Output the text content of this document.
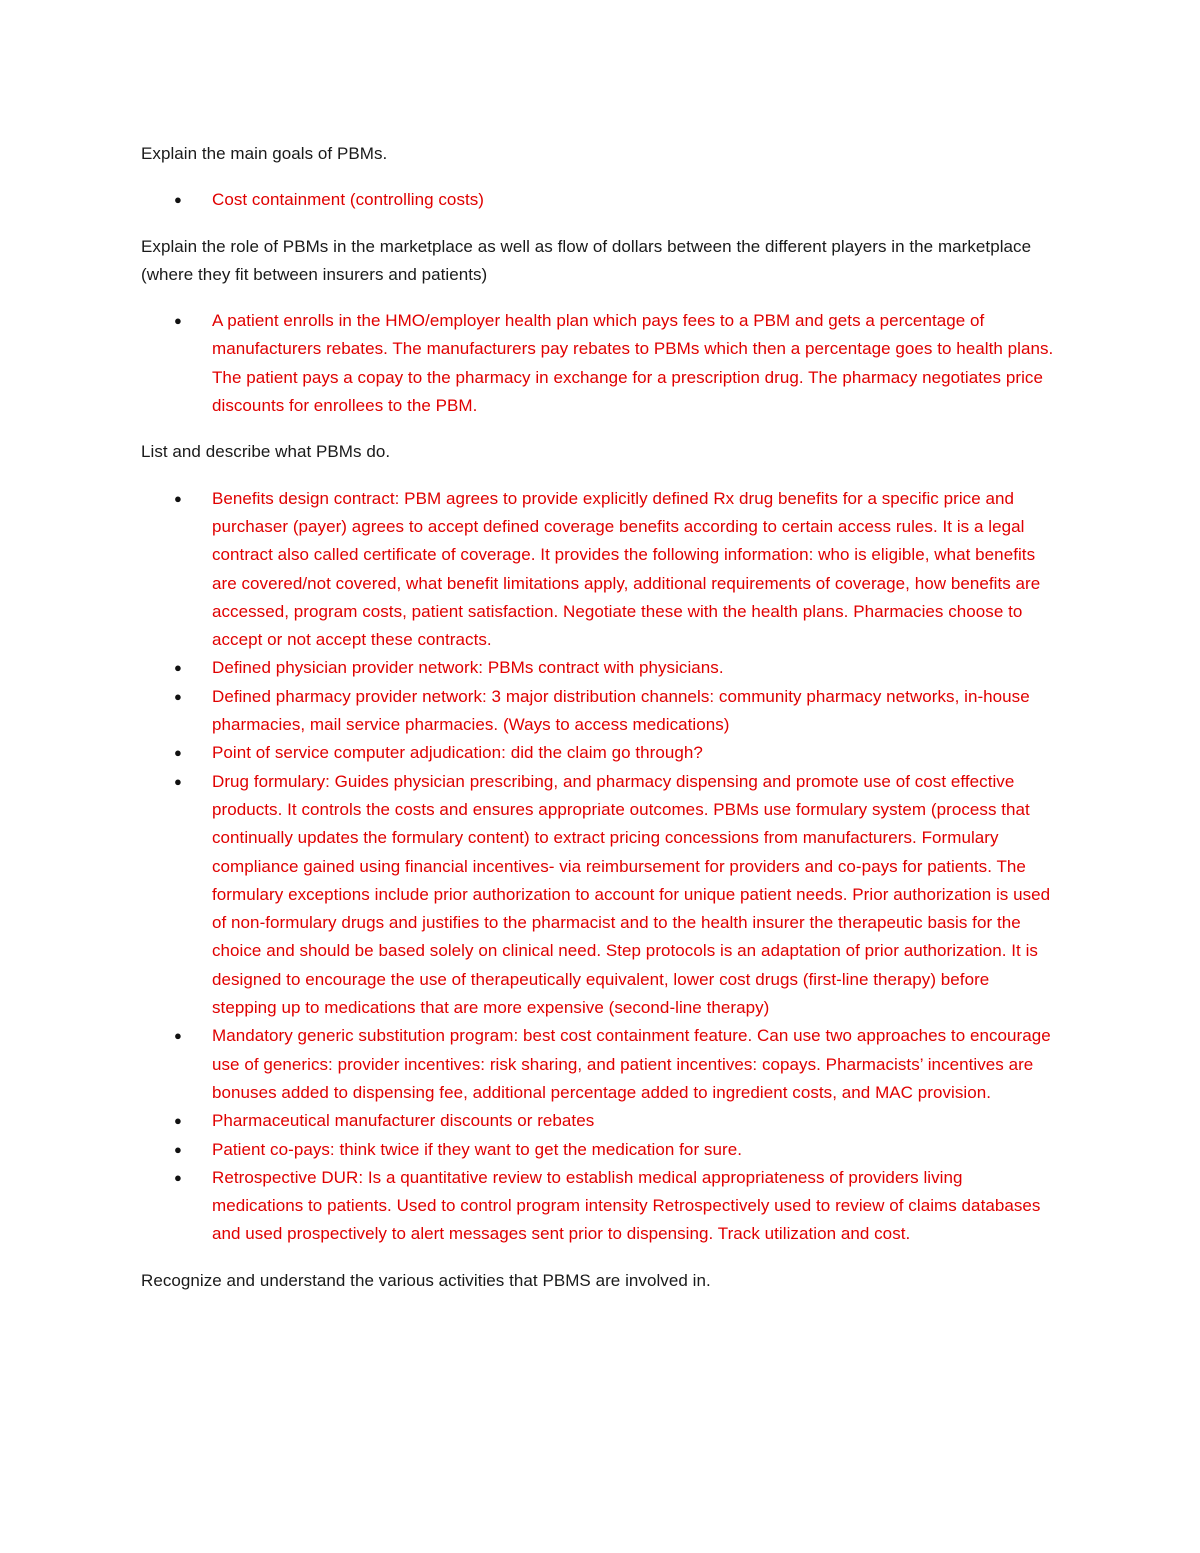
Explain the main goals of PBMs.

● Cost containment (controlling costs)

Explain the role of PBMs in the marketplace as well as flow of dollars between the different players in the marketplace (where they fit between insurers and patients)

● A patient enrolls in the HMO/employer health plan which pays fees to a PBM and gets a percentage of manufacturers rebates. The manufacturers pay rebates to PBMs which then a percentage goes to health plans. The patient pays a copay to the pharmacy in exchange for a prescription drug. The pharmacy negotiates price discounts for enrollees to the PBM.

List and describe what PBMs do.

● Benefits design contract: PBM agrees to provide explicitly defined Rx drug benefits for a specific price and purchaser (payer) agrees to accept defined coverage benefits according to certain access rules. It is a legal contract also called certificate of coverage. It provides the following information: who is eligible, what benefits are covered/not covered, what benefit limitations apply, additional requirements of coverage, how benefits are accessed, program costs, patient satisfaction. Negotiate these with the health plans. Pharmacies choose to accept or not accept these contracts.
● Defined physician provider network: PBMs contract with physicians.
● Defined pharmacy provider network: 3 major distribution channels: community pharmacy networks, in-house pharmacies, mail service pharmacies. (Ways to access medications)
● Point of service computer adjudication: did the claim go through?
● Drug formulary: Guides physician prescribing, and pharmacy dispensing and promote use of cost effective products. It controls the costs and ensures appropriate outcomes. PBMs use formulary system (process that continually updates the formulary content) to extract pricing concessions from manufacturers. Formulary compliance gained using financial incentives- via reimbursement for providers and co-pays for patients. The formulary exceptions include prior authorization to account for unique patient needs. Prior authorization is used of non-formulary drugs and justifies to the pharmacist and to the health insurer the therapeutic basis for the choice and should be based solely on clinical need. Step protocols is an adaptation of prior authorization. It is designed to encourage the use of therapeutically equivalent, lower cost drugs (first-line therapy) before stepping up to medications that are more expensive (second-line therapy)
● Mandatory generic substitution program: best cost containment feature. Can use two approaches to encourage use of generics: provider incentives: risk sharing, and patient incentives: copays. Pharmacists’ incentives are bonuses added to dispensing fee, additional percentage added to ingredient costs, and MAC provision.
● Pharmaceutical manufacturer discounts or rebates
● Patient co-pays: think twice if they want to get the medication for sure.
● Retrospective DUR: Is a quantitative review to establish medical appropriateness of providers living medications to patients. Used to control program intensity Retrospectively used to review of claims databases and used prospectively to alert messages sent prior to dispensing. Track utilization and cost.

Recognize and understand the various activities that PBMS are involved in.
